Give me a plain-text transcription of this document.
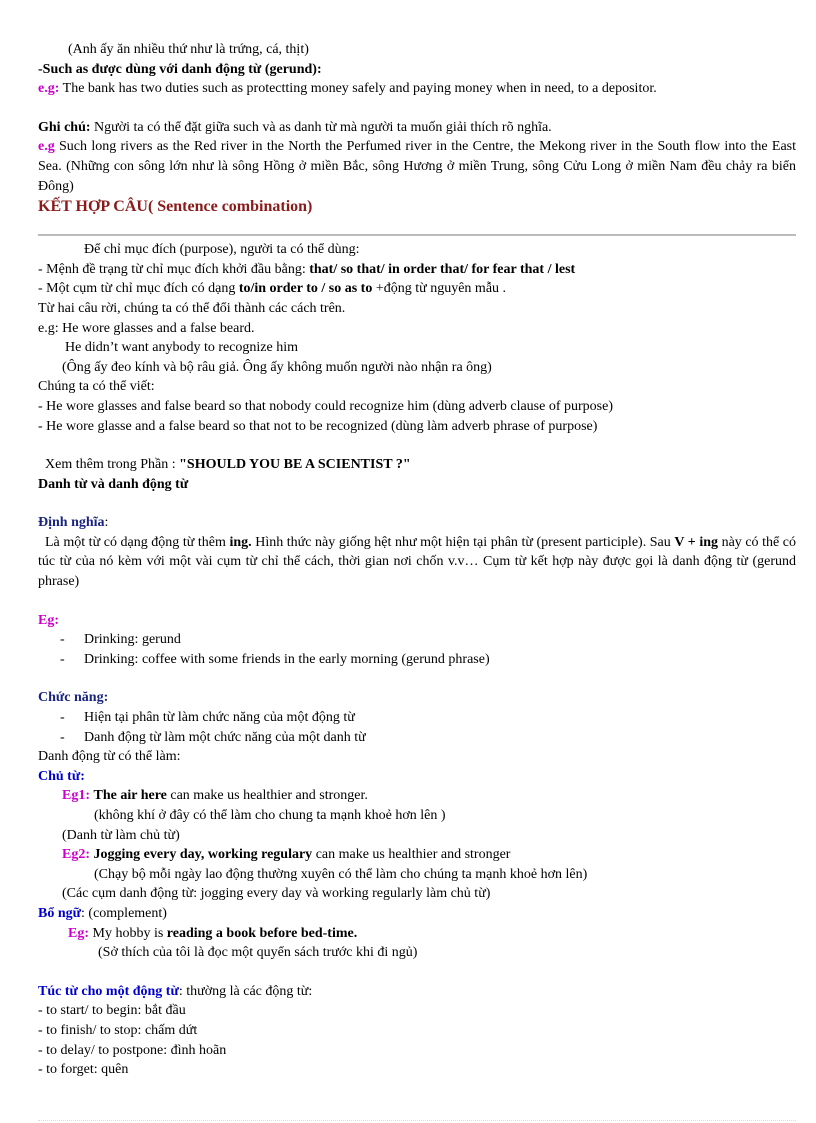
(Anh ấy ăn nhiều thứ như là trứng, cá, thịt)
-Such as được dùng với danh động từ (gerund):
e.g: The bank has two duties such as protectting money safely and paying money when in need, to a depositor.
Ghi chú: Người ta có thể đặt giữa such và as danh từ mà người ta muốn giải thích rõ nghĩa.
e.g Such long rivers as the Red river in the North the Perfumed river in the Centre, the Mekong river in the South flow into the East Sea. (Những con sông lớn như là sông Hồng ở miền Bắc, sông Hương ở miền Trung, sông Cửu Long ở miền Nam đều chảy ra biển Đông)
KẾT HỢP CÂU( Sentence combination)
Để chỉ mục đích (purpose), người ta có thể dùng:
- Mệnh đề trạng từ chỉ mục đích khởi đầu bằng: that/ so that/ in order that/ for fear that / lest
- Một cụm từ chỉ mục đích có dạng to/in order to / so as to +động từ nguyên mẫu .
Từ hai câu rời, chúng ta có thể đổi thành các cách trên.
e.g: He wore glasses and a false beard.
He didn’t want anybody to recognize him
(Ông ấy đeo kính và bộ râu giả. Ông ấy không muốn người nào nhận ra ông)
Chúng ta có thể viết:
- He wore glasses and false beard so that nobody could recognize him (dùng adverb clause of purpose)
- He wore glasse and a false beard so that not to be recognized (dùng làm adverb phrase of purpose)
Xem thêm trong Phần : "SHOULD YOU BE A SCIENTIST ?"
Danh từ và danh động từ
Định nghĩa:
Là một từ có dạng động từ thêm ing. Hình thức này giống hệt như một hiện tại phân từ (present participle). Sau V + ing này có thể có túc từ của nó kèm với một vài cụm từ chỉ thể cách, thời gian nơi chốn v.v… Cụm từ kết hợp này được gọi là danh động từ (gerund phrase)
Eg:
- Drinking: gerund
- Drinking: coffee with some friends in the early morning (gerund phrase)
Chức năng:
- Hiện tại phân từ làm chức năng của một động từ
- Danh động từ làm một chức năng của một danh từ
Danh động từ có thể làm:
Chủ từ:
Eg1: The air here can make us healthier and stronger.
(không khí ở đây có thể làm cho chung ta mạnh khoẻ hơn lên )
(Danh từ làm chủ từ)
Eg2: Jogging every day, working regulary can make us healthier and stronger
(Chạy bộ mỗi ngày lao động thường xuyên có thể làm cho chúng ta mạnh khoẻ hơn lên)
(Các cụm danh động từ: jogging every day và working regularly làm chủ từ)
Bổ ngữ: (complement)
Eg: My hobby is reading a book before bed-time.
(Sở thích của tôi là đọc một quyển sách trước khi đi ngủ)
Túc từ cho một động từ: thường là các động từ:
- to start/ to begin: bắt đầu
- to finish/ to stop: chấm dứt
- to delay/ to postpone: đình hoãn
- to forget: quên
